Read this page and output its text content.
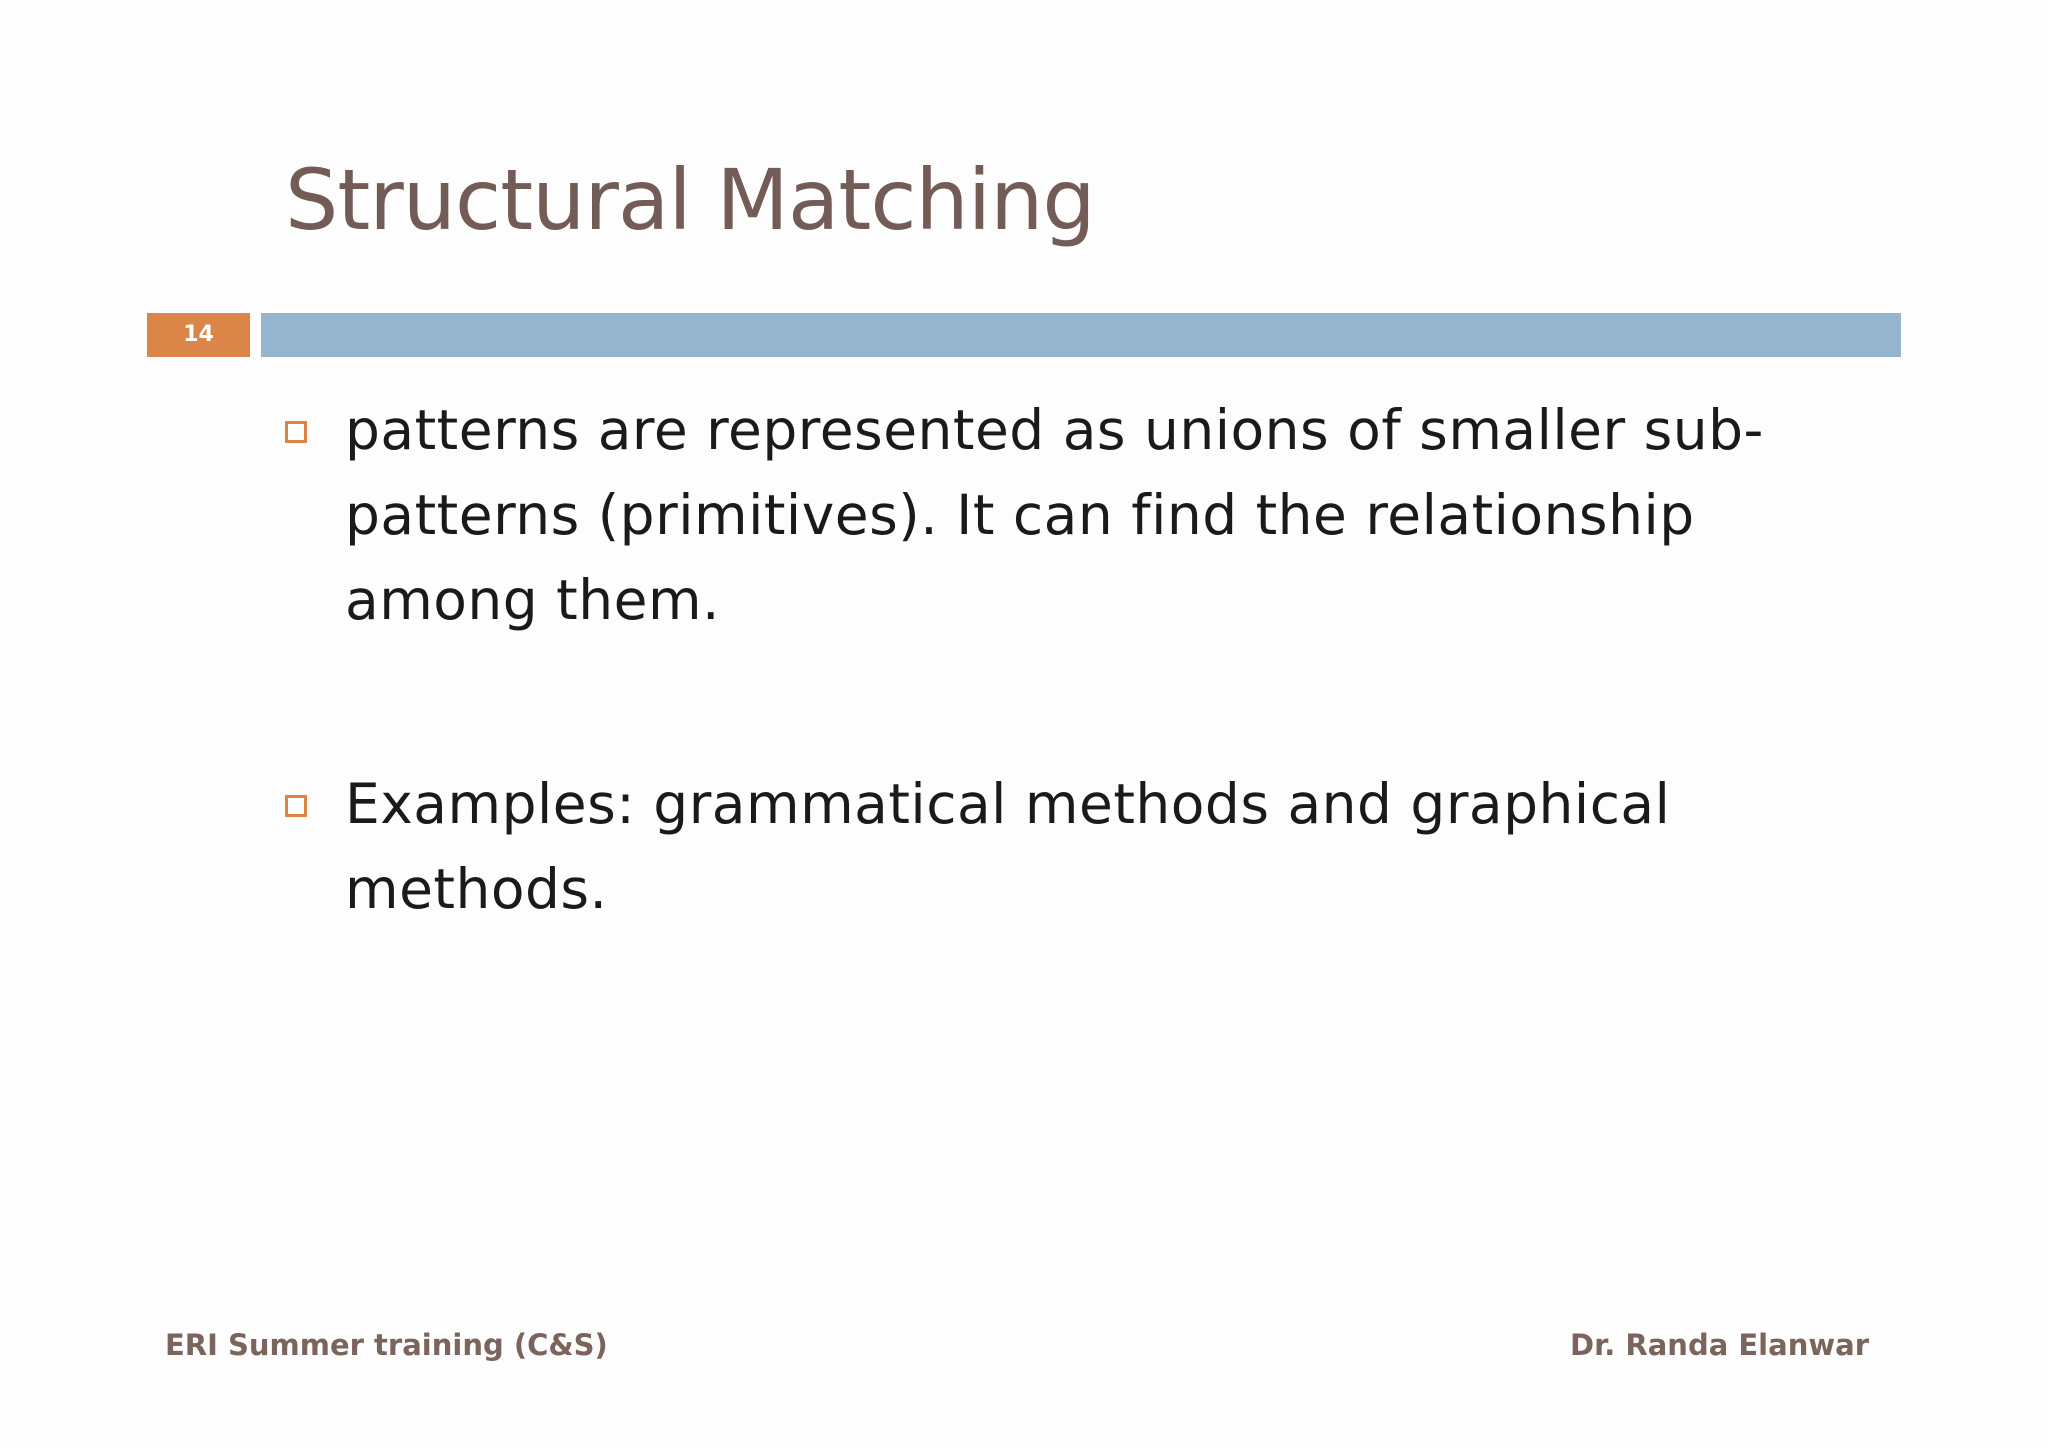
Structural Matching
14
patterns are represented as unions of smaller sub-patterns (primitives). It can find the relationship among them.
Examples: grammatical methods and graphical methods.
ERI Summer training (C&S)	Dr. Randa Elanwar
